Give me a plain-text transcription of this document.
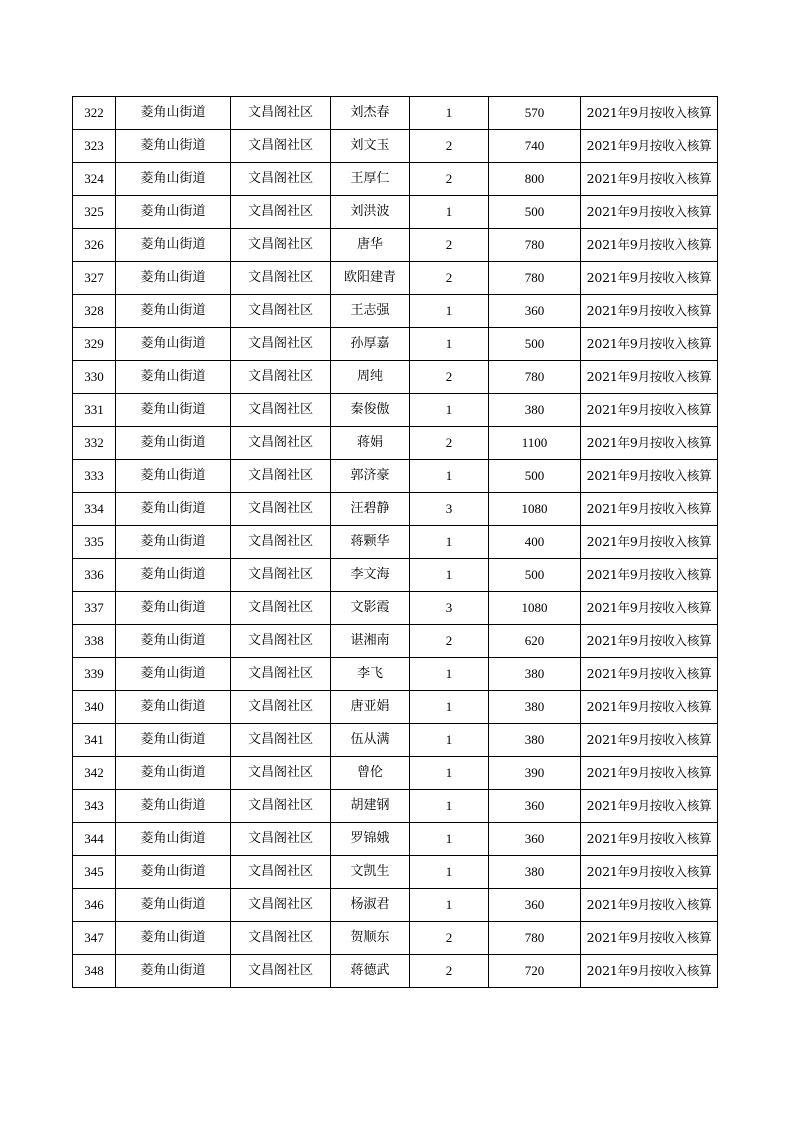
322	菱角山街道	文昌阁社区	刘杰春	1	570	2021年9月按收入核算
323	菱角山街道	文昌阁社区	刘文玉	2	740	2021年9月按收入核算
324	菱角山街道	文昌阁社区	王厚仁	2	800	2021年9月按收入核算
325	菱角山街道	文昌阁社区	刘洪波	1	500	2021年9月按收入核算
326	菱角山街道	文昌阁社区	唐华	2	780	2021年9月按收入核算
327	菱角山街道	文昌阁社区	欧阳建青	2	780	2021年9月按收入核算
328	菱角山街道	文昌阁社区	王志强	1	360	2021年9月按收入核算
329	菱角山街道	文昌阁社区	孙厚嘉	1	500	2021年9月按收入核算
330	菱角山街道	文昌阁社区	周纯	2	780	2021年9月按收入核算
331	菱角山街道	文昌阁社区	秦俊傲	1	380	2021年9月按收入核算
332	菱角山街道	文昌阁社区	蒋娟	2	1100	2021年9月按收入核算
333	菱角山街道	文昌阁社区	郭济豪	1	500	2021年9月按收入核算
334	菱角山街道	文昌阁社区	汪碧静	3	1080	2021年9月按收入核算
335	菱角山街道	文昌阁社区	蒋颗华	1	400	2021年9月按收入核算
336	菱角山街道	文昌阁社区	李文海	1	500	2021年9月按收入核算
337	菱角山街道	文昌阁社区	文影霞	3	1080	2021年9月按收入核算
338	菱角山街道	文昌阁社区	谌湘南	2	620	2021年9月按收入核算
339	菱角山街道	文昌阁社区	李飞	1	380	2021年9月按收入核算
340	菱角山街道	文昌阁社区	唐亚娟	1	380	2021年9月按收入核算
341	菱角山街道	文昌阁社区	伍从满	1	380	2021年9月按收入核算
342	菱角山街道	文昌阁社区	曾伦	1	390	2021年9月按收入核算
343	菱角山街道	文昌阁社区	胡建钢	1	360	2021年9月按收入核算
344	菱角山街道	文昌阁社区	罗锦娥	1	360	2021年9月按收入核算
345	菱角山街道	文昌阁社区	文凯生	1	380	2021年9月按收入核算
346	菱角山街道	文昌阁社区	杨淑君	1	360	2021年9月按收入核算
347	菱角山街道	文昌阁社区	贺顺东	2	780	2021年9月按收入核算
348	菱角山街道	文昌阁社区	蒋德武	2	720	2021年9月按收入核算
